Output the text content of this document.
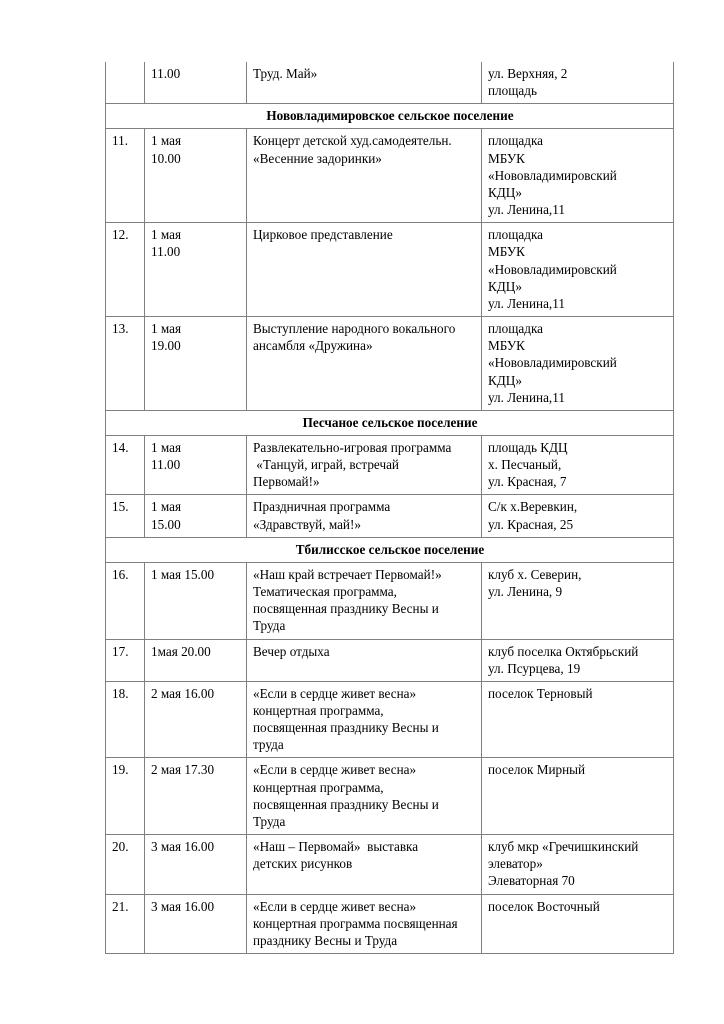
	11.00	Труд. Май»	ул. Верхняя, 2
площадь

Нововладимировское сельское поселение			
11.	1 мая
10.00	Концерт детской худ.самодеятельн.
«Весенние задоринки»	площадка
МБУК
«Нововладимировский
КДЦ»
ул. Ленина,11

12.	1 мая
11.00	Цирковое представление	площадка
МБУК
«Нововладимировский
КДЦ»
ул. Ленина,11

13.	1 мая
19.00	Выступление народного вокального
ансамбля «Дружина»	площадка
МБУК
«Нововладимировский
КДЦ»
ул. Ленина,11

Песчаное сельское поселение			
14.	1 мая
11.00	Развлекательно-игровая программа
«Танцуй, играй, встречай
Первомай!»	площадь КДЦ
х. Песчаный,
ул. Красная, 7

15.	1 мая
15.00	Праздничная программа
«Здравствуй, май!»	С/к х.Веревкин,
ул. Красная, 25

Тбилисское сельское поселение			
16.	1 мая 15.00	«Наш край встречает Первомай!»
Тематическая программа,
посвященная празднику Весны и
Труда	клуб х. Северин,
ул. Ленина, 9

17.	1мая 20.00	Вечер отдыха	клуб поселка Октябрьский
ул. Псурцева, 19

18.	2 мая 16.00	«Если в сердце живет весна»
концертная программа,
посвященная празднику Весны и
труда	поселок Терновый
19.	2 мая 17.30	«Если в сердце живет весна»
концертная программа,
посвященная празднику Весны и
Труда	поселок Мирный
20.	3 мая 16.00	«Наш – Первомай»  выставка
детских рисунков	клуб мкр «Гречишкинский
элеватор»
Элеваторная 70

21.	3 мая 16.00	«Если в сердце живет весна»
концертная программа посвященная
празднику Весны и Труда	поселок Восточный
